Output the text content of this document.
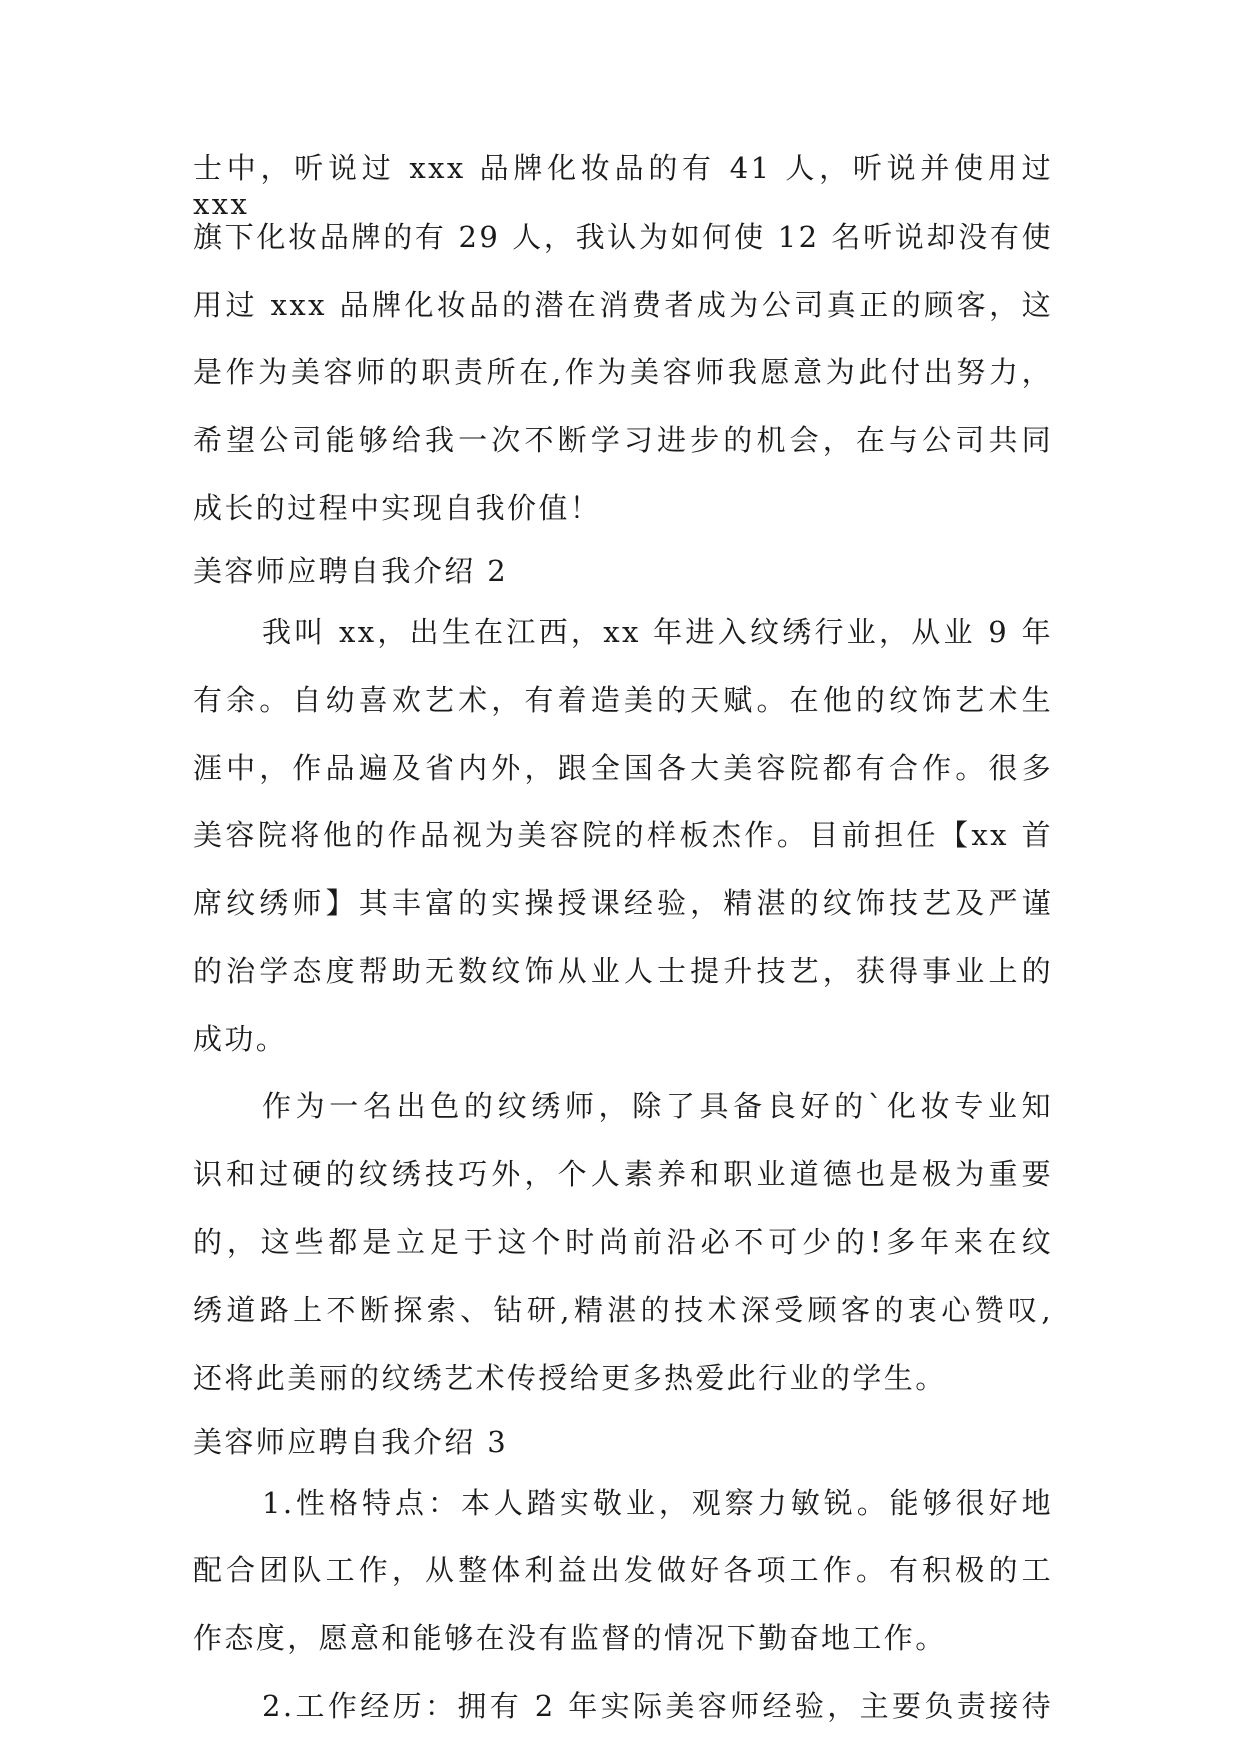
士中，听说过 xxx 品牌化妆品的有 41 人，听说并使用过 xxx
旗下化妆品牌的有 29 人，我认为如何使 12 名听说却没有使
用过 xxx 品牌化妆品的潜在消费者成为公司真正的顾客，这
是作为美容师的职责所在,作为美容师我愿意为此付出努力，
希望公司能够给我一次不断学习进步的机会，在与公司共同
成长的过程中实现自我价值！
美容师应聘自我介绍 2
我叫 xx，出生在江西，xx 年进入纹绣行业，从业 9 年
有余。自幼喜欢艺术，有着造美的天赋。在他的纹饰艺术生
涯中，作品遍及省内外，跟全国各大美容院都有合作。很多
美容院将他的作品视为美容院的样板杰作。目前担任【xx 首
席纹绣师】其丰富的实操授课经验，精湛的纹饰技艺及严谨
的治学态度帮助无数纹饰从业人士提升技艺，获得事业上的
成功。
作为一名出色的纹绣师，除了具备良好的`化妆专业知
识和过硬的纹绣技巧外，个人素养和职业道德也是极为重要
的，这些都是立足于这个时尚前沿必不可少的!多年来在纹
绣道路上不断探索、钻研,精湛的技术深受顾客的衷心赞叹,
还将此美丽的纹绣艺术传授给更多热爱此行业的学生。
美容师应聘自我介绍 3
1.性格特点：本人踏实敬业，观察力敏锐。能够很好地
配合团队工作，从整体利益出发做好各项工作。有积极的工
作态度，愿意和能够在没有监督的情况下勤奋地工作。
2.工作经历：拥有 2 年实际美容师经验，主要负责接待
